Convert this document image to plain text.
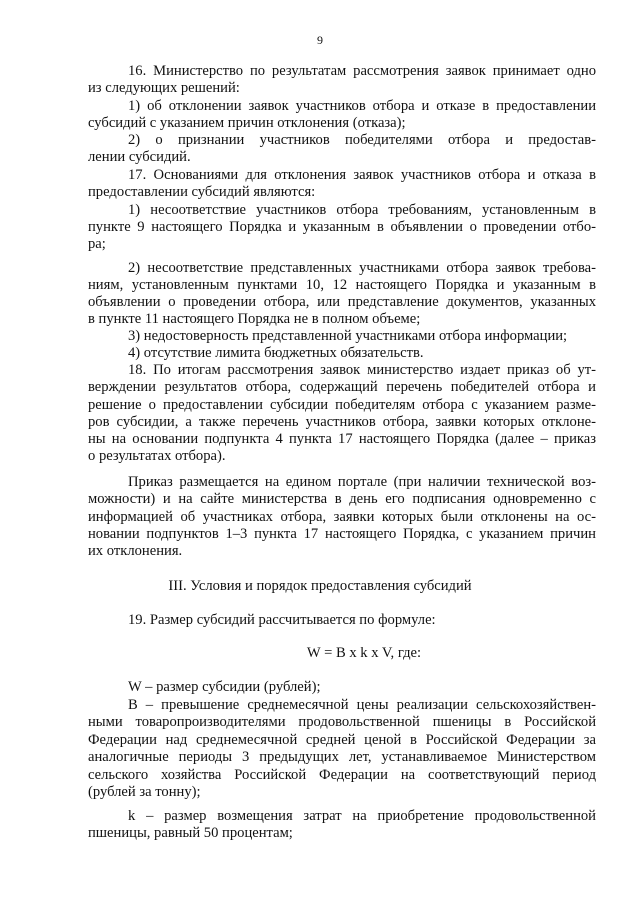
9
16. Министерство по результатам рассмотрения заявок принимает одно
из следующих решений:
1) об отклонении заявок участников отбора и отказе в предоставлении
субсидий с указанием причин отклонения (отказа);
2) о признании участников победителями отбора и предостав-
лении субсидий.
17. Основаниями для отклонения заявок участников отбора и отказа в
предоставлении субсидий являются:
1) несоответствие участников отбора требованиям, установленным в
пункте 9 настоящего Порядка и указанным в объявлении о проведении отбо-
ра;
2) несоответствие представленных участниками отбора заявок требова-
ниям, установленным пунктами 10, 12 настоящего Порядка и указанным в
объявлении о проведении отбора, или представление документов, указанных
в пункте 11 настоящего Порядка не в полном объеме;
3) недостоверность представленной участниками отбора информации;
4) отсутствие лимита бюджетных обязательств.
18. По итогам рассмотрения заявок министерство издает приказ об ут-
верждении результатов отбора, содержащий перечень победителей отбора и
решение о предоставлении субсидии победителям отбора с указанием разме-
ров субсидии, а также перечень участников отбора, заявки которых отклоне-
ны на основании подпункта 4 пункта 17 настоящего Порядка (далее – приказ
о результатах отбора).
Приказ размещается на едином портале (при наличии технической воз-
можности) и на сайте министерства в день его подписания одновременно с
информацией об участниках отбора, заявки которых были отклонены на ос-
новании подпунктов 1–3 пункта 17 настоящего Порядка, с указанием причин
их отклонения.
III. Условия и порядок предоставления субсидий
19. Размер субсидий рассчитывается по формуле:
W = B x k x V, где:
W – размер субсидии (рублей);
B – превышение среднемесячной цены реализации сельскохозяйствен-
ными товаропроизводителями продовольственной пшеницы в Российской
Федерации над среднемесячной средней ценой в Российской Федерации за
аналогичные периоды 3 предыдущих лет, устанавливаемое Министерством
сельского хозяйства Российской Федерации на соответствующий период
(рублей за тонну);
k – размер возмещения затрат на приобретение продовольственной
пшеницы, равный 50 процентам;
